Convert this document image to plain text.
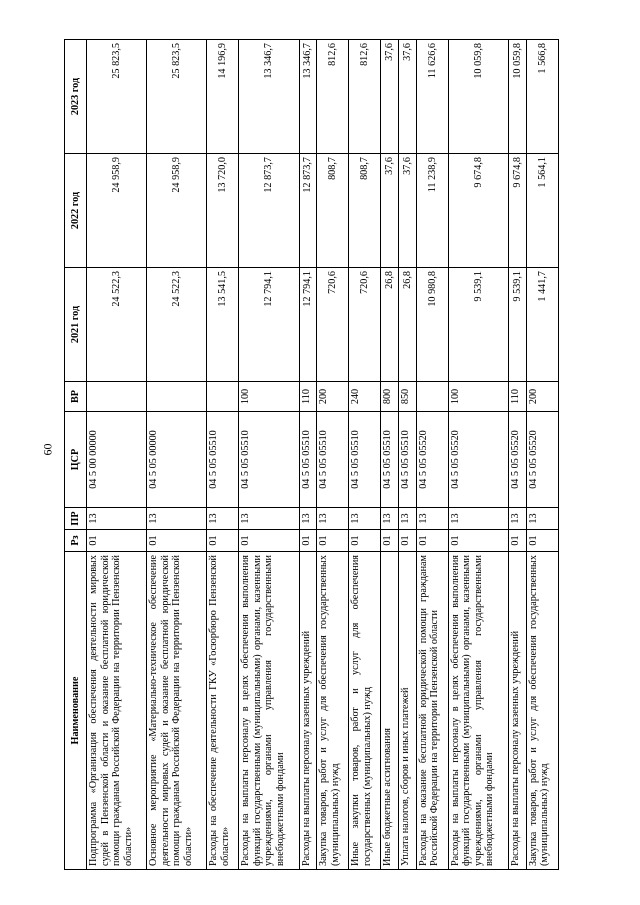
60
Наименование	Рз	ПР	ЦСР	ВР	2021 год	2022 год	2023 год
Подпрограмма «Организация обеспечения деятельности мировых судей в Пензенской области и оказание бесплатной юридической помощи гражданам Российской Федерации на территории Пензенской области»	01	13	04 5 00 00000		24 522,3	24 958,9	25 823,5
Основное мероприятие «Материально-техническое обеспечение деятельности мировых судей и оказание бесплатной юридической помощи гражданам Российской Федерации на территории Пензенской области»	01	13	04 5 05 00000		24 522,3	24 958,9	25 823,5
Расходы на обеспечение деятельности ГКУ «Госюрбюро Пензенской области»	01	13	04 5 05 05510		13 541,5	13 720,0	14 196,9
Расходы на выплаты персоналу в целях обеспечения выполнения функций государственными (муниципальными) органами, казенными учреждениями, органами управления государственными внебюджетными фондами	01	13	04 5 05 05510	100	12 794,1	12 873,7	13 346,7
Расходы на выплаты персоналу казенных учреждений	01	13	04 5 05 05510	110	12 794,1	12 873,7	13 346,7
Закупка товаров, работ и услуг для обеспечения государственных (муниципальных) нужд	01	13	04 5 05 05510	200	720,6	808,7	812,6
Иные закупки товаров, работ и услуг для обеспечения государственных (муниципальных) нужд	01	13	04 5 05 05510	240	720,6	808,7	812,6
Иные бюджетные ассигнования	01	13	04 5 05 05510	800	26,8	37,6	37,6
Уплата налогов, сборов и иных платежей	01	13	04 5 05 05510	850	26,8	37,6	37,6
Расходы на оказание бесплатной юридической помощи гражданам Российской Федерации на территории Пензенской области	01	13	04 5 05 05520		10 980,8	11 238,9	11 626,6
Расходы на выплаты персоналу в целях обеспечения выполнения функций государственными (муниципальными) органами, казенными учреждениями, органами управления государственными внебюджетными фондами	01	13	04 5 05 05520	100	9 539,1	9 674,8	10 059,8
Расходы на выплаты персоналу казенных учреждений	01	13	04 5 05 05520	110	9 539,1	9 674,8	10 059,8
Закупка товаров, работ и услуг для обеспечения государственных (муниципальных) нужд	01	13	04 5 05 05520	200	1 441,7	1 564,1	1 566,8
